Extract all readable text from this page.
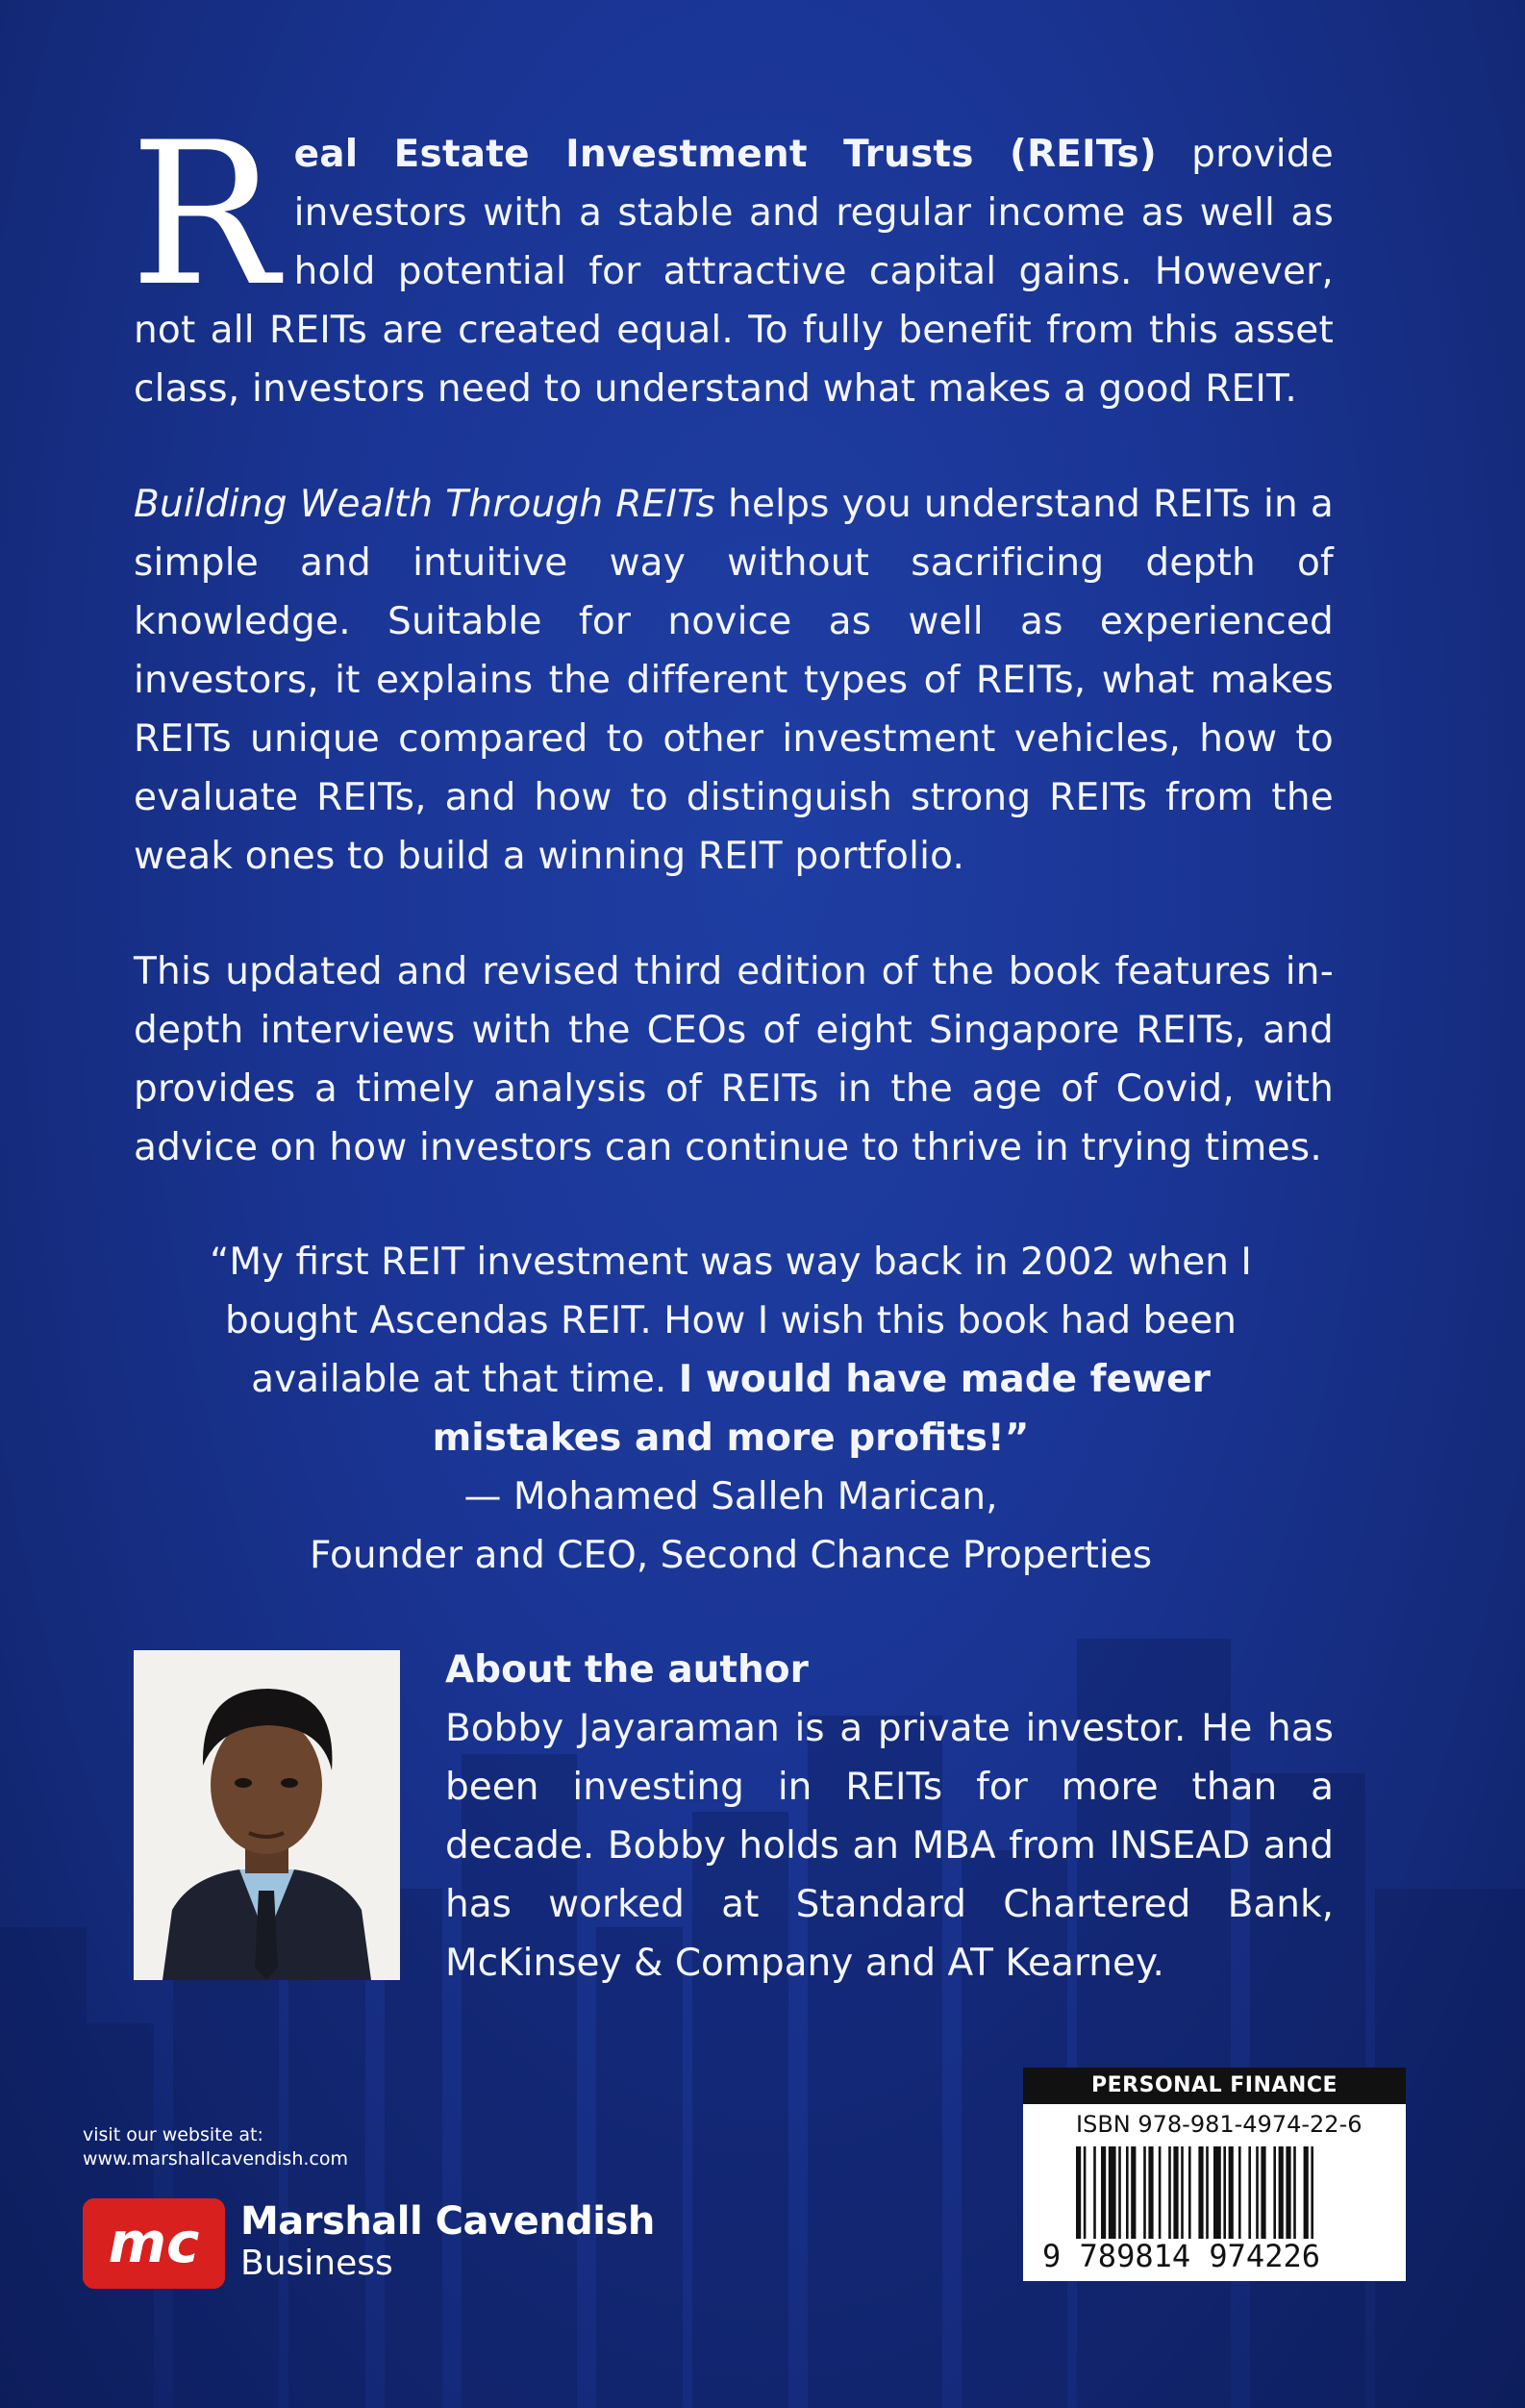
Real Estate Investment Trusts (REITs) provide investors with a stable and regular income as well as hold potential for attractive capital gains. However, not all REITs are created equal. To fully benefit from this asset class, investors need to understand what makes a good REIT.
Building Wealth Through REITs helps you understand REITs in a simple and intuitive way without sacrificing depth of knowledge. Suitable for novice as well as experienced investors, it explains the different types of REITs, what makes REITs unique compared to other investment vehicles, how to evaluate REITs, and how to distinguish strong REITs from the weak ones to build a winning REIT portfolio.
This updated and revised third edition of the book features in-depth interviews with the CEOs of eight Singapore REITs, and provides a timely analysis of REITs in the age of Covid, with advice on how investors can continue to thrive in trying times.
“My first REIT investment was way back in 2002 when I bought Ascendas REIT. How I wish this book had been available at that time. I would have made fewer mistakes and more profits!”
— Mohamed Salleh Marican,
Founder and CEO, Second Chance Properties
About the author
Bobby Jayaraman is a private investor. He has been investing in REITs for more than a decade. Bobby holds an MBA from INSEAD and has worked at Standard Chartered Bank, McKinsey & Company and AT Kearney.
visit our website at:
www.marshallcavendish.com
mc Marshall Cavendish
Business
PERSONAL FINANCE
ISBN 978-981-4974-22-6
9 789814 974226
